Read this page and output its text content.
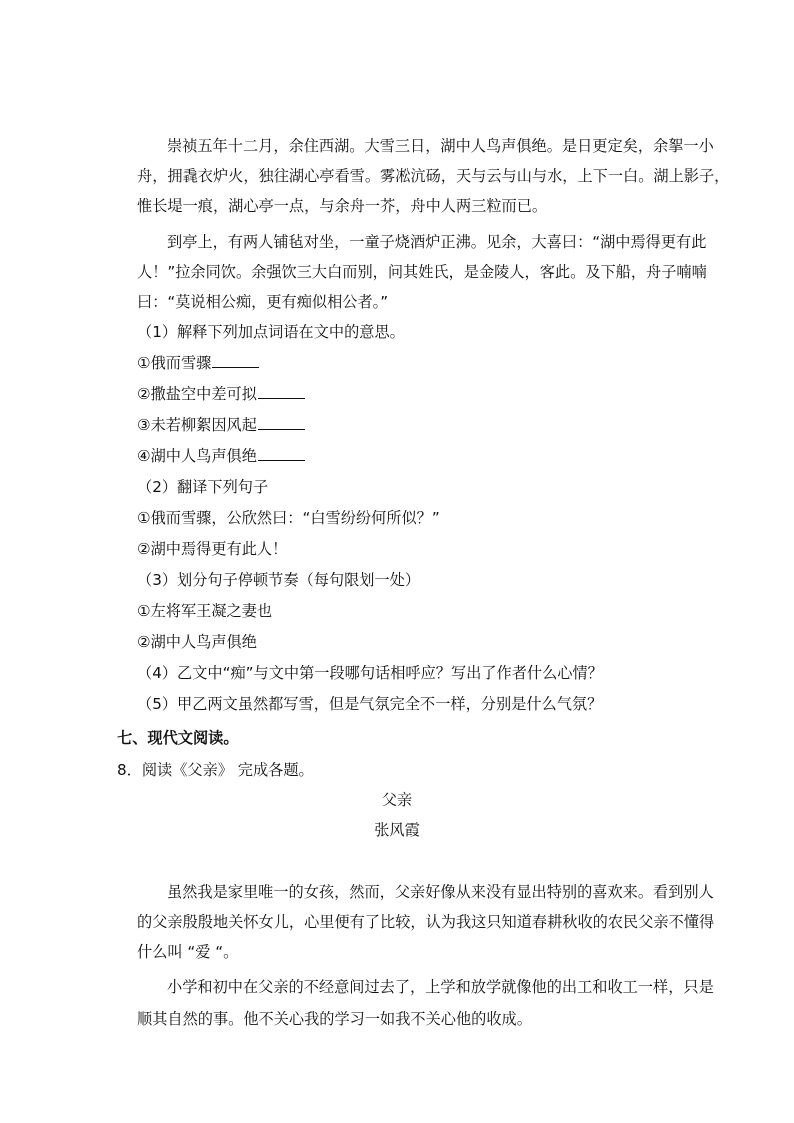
崇祯五年十二月，余住西湖。大雪三日，湖中人鸟声俱绝。是日更定矣，余挐一小
舟，拥毳衣炉火，独往湖心亭看雪。雾凇沆砀，天与云与山与水，上下一白。湖上影子，
惟长堤一痕，湖心亭一点，与余舟一芥，舟中人两三粒而已。
到亭上，有两人铺毡对坐，一童子烧酒炉正沸。见余，大喜曰：“湖中焉得更有此
人！”拉余同饮。余强饮三大白而别，问其姓氏，是金陵人，客此。及下船，舟子喃喃
曰：“莫说相公痴，更有痴似相公者。”
（1）解释下列加点词语在文中的意思。
①俄而雪骤
②撒盐空中差可拟
③未若柳絮因风起
④湖中人鸟声俱绝
（2）翻译下列句子
①俄而雪骤，公欣然曰：“白雪纷纷何所似？”
②湖中焉得更有此人！
（3）划分句子停顿节奏（每句限划一处）
①左将军王凝之妻也
②湖中人鸟声俱绝
（4）乙文中“痴”与文中第一段哪句话相呼应？写出了作者什么心情？
（5）甲乙两文虽然都写雪，但是气氛完全不一样，分别是什么气氛？
七、现代文阅读。
8．阅读《父亲》 完成各题。
父亲
张风霞
虽然我是家里唯一的女孩，然而，父亲好像从来没有显出特别的喜欢来。看到别人
的父亲殷殷地关怀女儿，心里便有了比较，认为我这只知道春耕秋收的农民父亲不懂得
什么叫 “爱 “。
小学和初中在父亲的不经意间过去了，上学和放学就像他的出工和收工一样，只是
顺其自然的事。他不关心我的学习一如我不关心他的收成。
